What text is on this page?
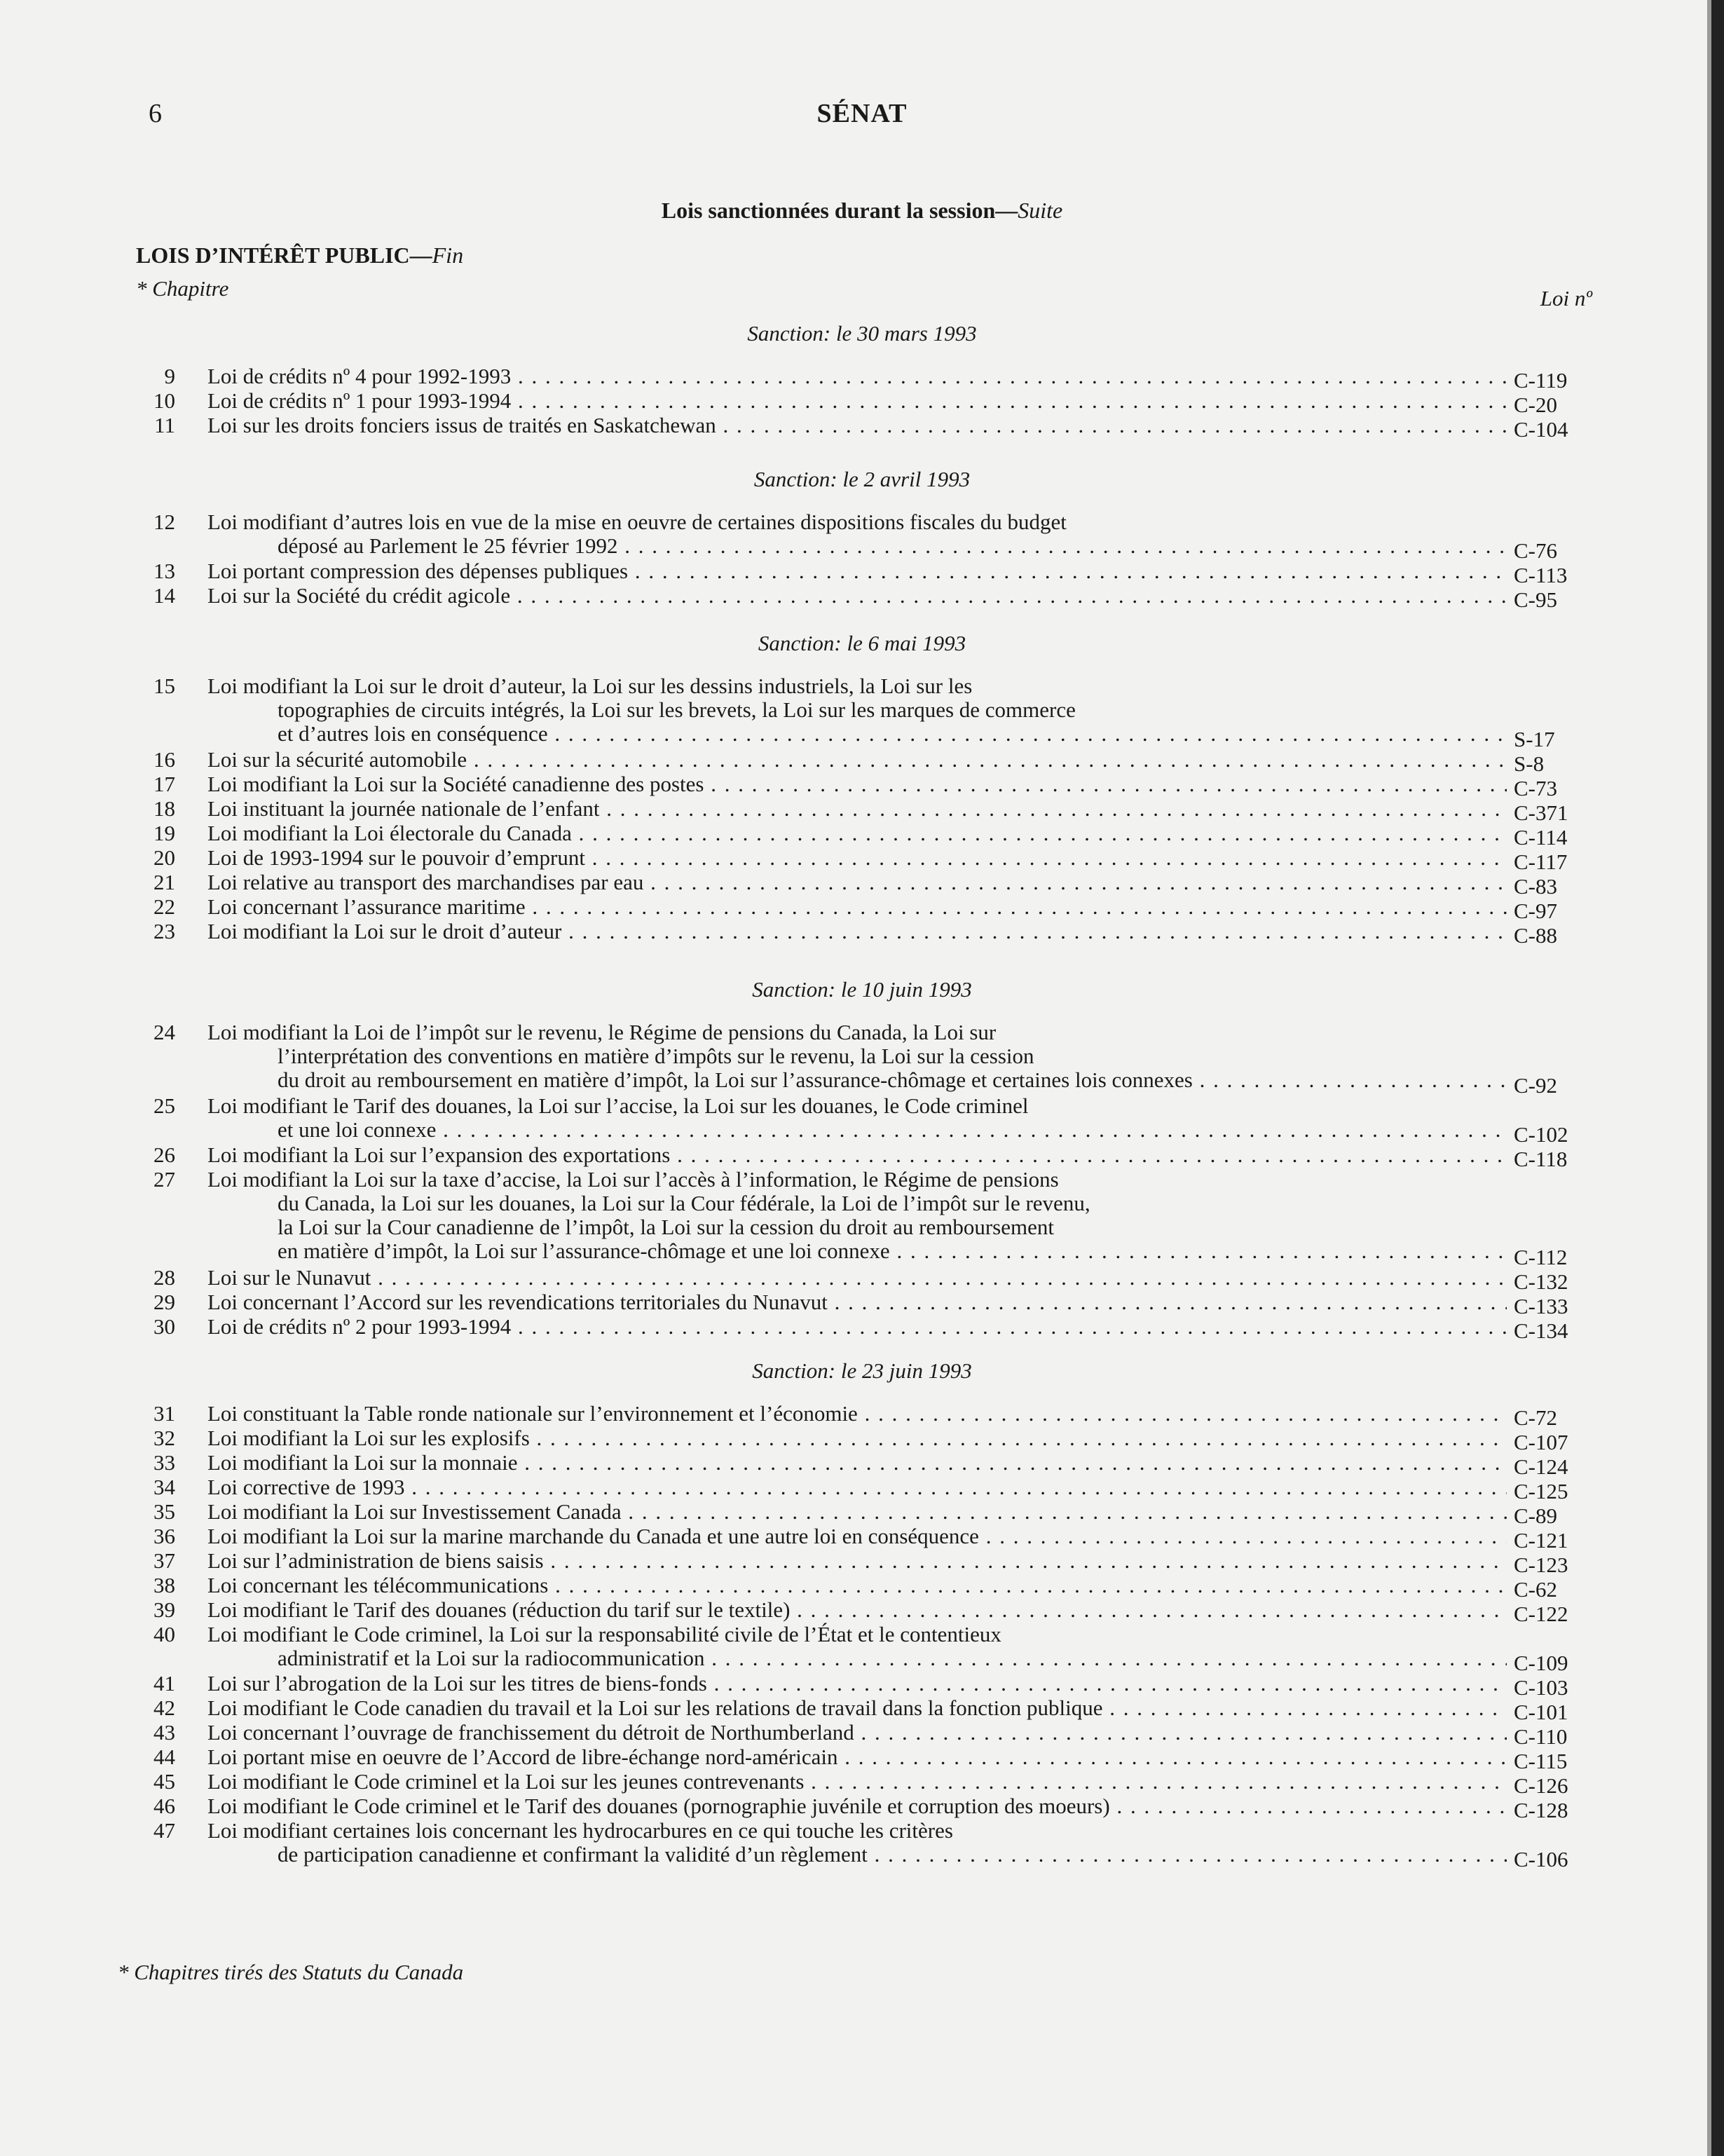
6	SÉNAT
Lois sanctionnées durant la session—Suite
LOIS D’INTÉRÊT PUBLIC—Fin
* Chapitre	Loi nº
Sanction: le 30 mars 1993
9 Loi de crédits nº 4 pour 1992-1993 . . .	C-119
10 Loi de crédits nº 1 pour 1993-1994 . . .	C-20
11 Loi sur les droits fonciers issus de traités en Saskatchewan . . .	C-104
Sanction: le 2 avril 1993
12 Loi modifiant d’autres lois en vue de la mise en oeuvre de certaines dispositions fiscales du budget
déposé au Parlement le 25 février 1992 . . .	C-76
13 Loi portant compression des dépenses publiques . . .	C-113
14 Loi sur la Société du crédit agicole . . .	C-95
Sanction: le 6 mai 1993
15 Loi modifiant la Loi sur le droit d’auteur, la Loi sur les dessins industriels, la Loi sur les
topographies de circuits intégrés, la Loi sur les brevets, la Loi sur les marques de commerce
et d’autres lois en conséquence . . .	S-17
16 Loi sur la sécurité automobile . . .	S-8
17 Loi modifiant la Loi sur la Société canadienne des postes . . .	C-73
18 Loi instituant la journée nationale de l’enfant . . .	C-371
19 Loi modifiant la Loi électorale du Canada . . .	C-114
20 Loi de 1993-1994 sur le pouvoir d’emprunt . . .	C-117
21 Loi relative au transport des marchandises par eau . . .	C-83
22 Loi concernant l’assurance maritime . . .	C-97
23 Loi modifiant la Loi sur le droit d’auteur . . .	C-88
Sanction: le 10 juin 1993
24 Loi modifiant la Loi de l’impôt sur le revenu, le Régime de pensions du Canada, la Loi sur
l’interprétation des conventions en matière d’impôts sur le revenu, la Loi sur la cession
du droit au remboursement en matière d’impôt, la Loi sur l’assurance-chômage et certaines lois connexes . . .	C-92
25 Loi modifiant le Tarif des douanes, la Loi sur l’accise, la Loi sur les douanes, le Code criminel
et une loi connexe . . .	C-102
26 Loi modifiant la Loi sur l’expansion des exportations . . .	C-118
27 Loi modifiant la Loi sur la taxe d’accise, la Loi sur l’accès à l’information, le Régime de pensions
du Canada, la Loi sur les douanes, la Loi sur la Cour fédérale, la Loi de l’impôt sur le revenu,
la Loi sur la Cour canadienne de l’impôt, la Loi sur la cession du droit au remboursement
en matière d’impôt, la Loi sur l’assurance-chômage et une loi connexe . . .	C-112
28 Loi sur le Nunavut . . .	C-132
29 Loi concernant l’Accord sur les revendications territoriales du Nunavut . . .	C-133
30 Loi de crédits nº 2 pour 1993-1994 . . .	C-134
Sanction: le 23 juin 1993
31 Loi constituant la Table ronde nationale sur l’environnement et l’économie . . .	C-72
32 Loi modifiant la Loi sur les explosifs . . .	C-107
33 Loi modifiant la Loi sur la monnaie . . .	C-124
34 Loi corrective de 1993 . . .	C-125
35 Loi modifiant la Loi sur Investissement Canada . . .	C-89
36 Loi modifiant la Loi sur la marine marchande du Canada et une autre loi en conséquence . . .	C-121
37 Loi sur l’administration de biens saisis . . .	C-123
38 Loi concernant les télécommunications . . .	C-62
39 Loi modifiant le Tarif des douanes (réduction du tarif sur le textile) . . .	C-122
40 Loi modifiant le Code criminel, la Loi sur la responsabilité civile de l’État et le contentieux
administratif et la Loi sur la radiocommunication . . .	C-109
41 Loi sur l’abrogation de la Loi sur les titres de biens-fonds . . .	C-103
42 Loi modifiant le Code canadien du travail et la Loi sur les relations de travail dans la fonction publique . . .	C-101
43 Loi concernant l’ouvrage de franchissement du détroit de Northumberland . . .	C-110
44 Loi portant mise en oeuvre de l’Accord de libre-échange nord-américain . . .	C-115
45 Loi modifiant le Code criminel et la Loi sur les jeunes contrevenants . . .	C-126
46 Loi modifiant le Code criminel et le Tarif des douanes (pornographie juvénile et corruption des moeurs) . . .	C-128
47 Loi modifiant certaines lois concernant les hydrocarbures en ce qui touche les critères
de participation canadienne et confirmant la validité d’un règlement . . .	C-106
* Chapitres tirés des Statuts du Canada
